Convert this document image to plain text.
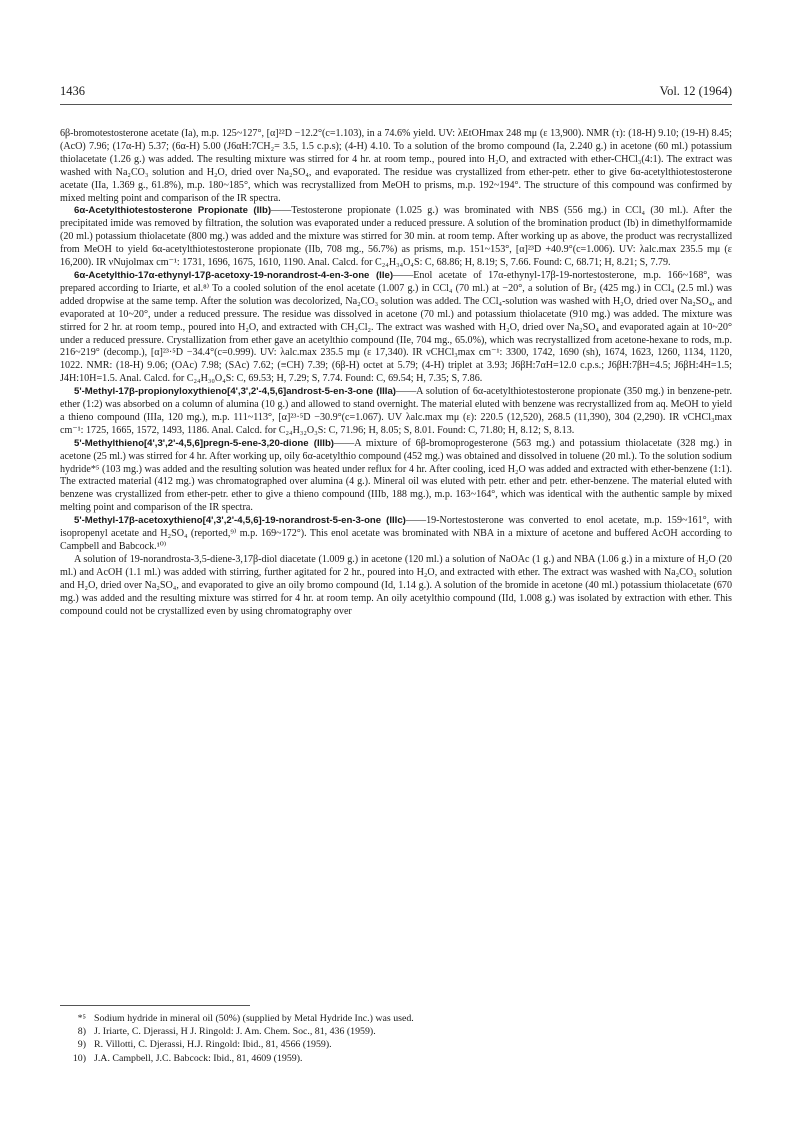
1436	Vol. 12 (1964)

6β-bromotestosterone acetate (Ia), m.p. 125~127°, [α]²²D −12.2°(c=1.103), in a 74.6% yield. UV: λEtOHmax 248 mμ (ε 13,900). NMR (τ): (18-H) 9.10; (19-H) 8.45; (AcO) 7.96; (17α-H) 5.37; (6α-H) 5.00 (J6αH:7CH₂= 3.5, 1.5 c.p.s); (4-H) 4.10. To a solution of the bromo compound (Ia, 2.240 g.) in acetone (60 ml.) potassium thiolacetate (1.26 g.) was added. The resulting mixture was stirred for 4 hr. at room temp., poured into H₂O, and extracted with ether-CHCl₃(4:1). The extract was washed with Na₂CO₃ solution and H₂O, dried over Na₂SO₄, and evaporated. The residue was crystallized from ether-petr. ether to give 6α-acetylthiotestosterone acetate (IIa, 1.369 g., 61.8%), m.p. 180~185°, which was recrystallized from MeOH to prisms, m.p. 192~194°. The structure of this compound was confirmed by mixed melting point and comparison of the IR spectra.

6α-Acetylthiotestosterone Propionate (IIb)——Testosterone propionate (1.025 g.) was brominated with NBS (556 mg.) in CCl₄ (30 ml.). After the precipitated imide was removed by filtration, the solution was evaporated under a reduced pressure. A solution of the bromination product (Ib) in dimethylformamide (20 ml.) potassium thiolacetate (800 mg.) was added and the mixture was stirred for 30 min. at room temp. After working up as above, the product was recrystallized from MeOH to yield 6α-acetylthiotestosterone propionate (IIb, 708 mg., 56.7%) as prisms, m.p. 151~153°, [α]²³D +40.9°(c=1.006). UV: λalc.max 235.5 mμ (ε 16,200). IR νNujolmax cm⁻¹: 1731, 1696, 1675, 1610, 1190. Anal. Calcd. for C₂₄H₃₄O₄S: C, 68.86; H, 8.19; S, 7.66. Found: C, 68.71; H, 8.21; S, 7.79.

6α-Acetylthio-17α-ethynyl-17β-acetoxy-19-norandrost-4-en-3-one (IIe)——Enol acetate of 17α-ethynyl-17β-19-nortestosterone, m.p. 166~168°, was prepared according to Iriarte, et al.⁸⁾ To a cooled solution of the enol acetate (1.007 g.) in CCl₄ (70 ml.) at −20°, a solution of Br₂ (425 mg.) in CCl₄ (2.5 ml.) was added dropwise at the same temp. After the solution was decolorized, Na₂CO₃ solution was added. The CCl₄-solution was washed with H₂O, dried over Na₂SO₄, and evaporated at 10~20°, under a reduced pressure. The residue was dissolved in acetone (70 ml.) and potassium thiolacetate (910 mg.) was added. The mixture was stirred for 2 hr. at room temp., poured into H₂O, and extracted with CH₂Cl₂. The extract was washed with H₂O, dried over Na₂SO₄ and evaporated again at 10~20° under a reduced pressure. Crystallization from ether gave an acetylthio compound (IIe, 704 mg., 65.0%), which was recrystallized from acetone-hexane to rods, m.p. 216~219° (decomp.), [α]²³·⁵D −34.4°(c=0.999). UV: λalc.max 235.5 mμ (ε 17,340). IR νCHCl₃max cm⁻¹: 3300, 1742, 1690 (sh), 1674, 1623, 1260, 1134, 1120, 1022. NMR: (18-H) 9.06; (OAc) 7.98; (SAc) 7.62; (≡CH) 7.39; (6β-H) octet at 5.79; (4-H) triplet at 3.93; J6βH:7αH=12.0 c.p.s.; J6βH:7βH=4.5; J6βH:4H=1.5; J4H:10H=1.5. Anal. Calcd. for C₂₄H₃₀O₄S: C, 69.53; H, 7.29; S, 7.74. Found: C, 69.54; H, 7.35; S, 7.86.

5'-Methyl-17β-propionyloxythieno[4',3',2'-4,5,6]androst-5-en-3-one (IIIa)——A solution of 6α-acetylthiotestosterone propionate (350 mg.) in benzene-petr. ether (1:2) was absorbed on a column of alumina (10 g.) and allowed to stand overnight. The material eluted with benzene was recrystallized from aq. MeOH to yield a thieno compound (IIIa, 120 mg.), m.p. 111~113°, [α]²³·⁵D −30.9°(c=1.067). UV λalc.max mμ (ε): 220.5 (12,520), 268.5 (11,390), 304 (2,290). IR νCHCl₃max cm⁻¹: 1725, 1665, 1572, 1493, 1186. Anal. Calcd. for C₂₄H₃₂O₃S: C, 71.96; H, 8.05; S, 8.01. Found: C, 71.80; H, 8.12; S, 8.13.

5'-Methylthieno[4',3',2'-4,5,6]pregn-5-ene-3,20-dione (IIIb)——A mixture of 6β-bromoprogesterone (563 mg.) and potassium thiolacetate (328 mg.) in acetone (25 ml.) was stirred for 4 hr. After working up, oily 6α-acetylthio compound (452 mg.) was obtained and dissolved in toluene (20 ml.). To the solution sodium hydride*⁵ (103 mg.) was added and the resulting solution was heated under reflux for 4 hr. After cooling, iced H₂O was added and extracted with ether-benzene (1:1). The extracted material (412 mg.) was chromatographed over alumina (4 g.). Mineral oil was eluted with petr. ether and petr. ether-benzene. The material eluted with benzene was crystallized from ether-petr. ether to give a thieno compound (IIIb, 188 mg.), m.p. 163~164°, which was identical with the authentic sample by mixed melting point and comparison of the IR spectra.

5'-Methyl-17β-acetoxythieno[4',3',2'-4,5,6]-19-norandrost-5-en-3-one (IIIc)——19-Nortestosterone was converted to enol acetate, m.p. 159~161°, with isopropenyl acetate and H₂SO₄ (reported,⁹⁾ m.p. 169~172°). This enol acetate was brominated with NBA in a mixture of acetone and buffered AcOH according to Campbell and Babcock.¹⁰⁾

A solution of 19-norandrosta-3,5-diene-3,17β-diol diacetate (1.009 g.) in acetone (120 ml.) a solution of NaOAc (1 g.) and NBA (1.06 g.) in a mixture of H₂O (20 ml.) and AcOH (1.1 ml.) was added with stirring, further agitated for 2 hr., poured into H₂O, and extracted with ether. The extract was washed with Na₂CO₃ solution and H₂O, dried over Na₂SO₄, and evaporated to give an oily bromo compound (Id, 1.14 g.). A solution of the bromide in acetone (40 ml.) potassium thiolacetate (670 mg.) was added and the resulting mixture was stirred for 4 hr. at room temp. An oily acetylthio compound (IId, 1.008 g.) was isolated by extraction with ether. This compound could not be crystallized even by using chromatography over

*⁵ Sodium hydride in mineral oil (50%) (supplied by Metal Hydride Inc.) was used.
8) J. Iriarte, C. Djerassi, H J. Ringold: J. Am. Chem. Soc., 81, 436 (1959).
9) R. Villotti, C. Djerassi, H.J. Ringold: Ibid., 81, 4566 (1959).
10) J.A. Campbell, J.C. Babcock: Ibid., 81, 4609 (1959).
